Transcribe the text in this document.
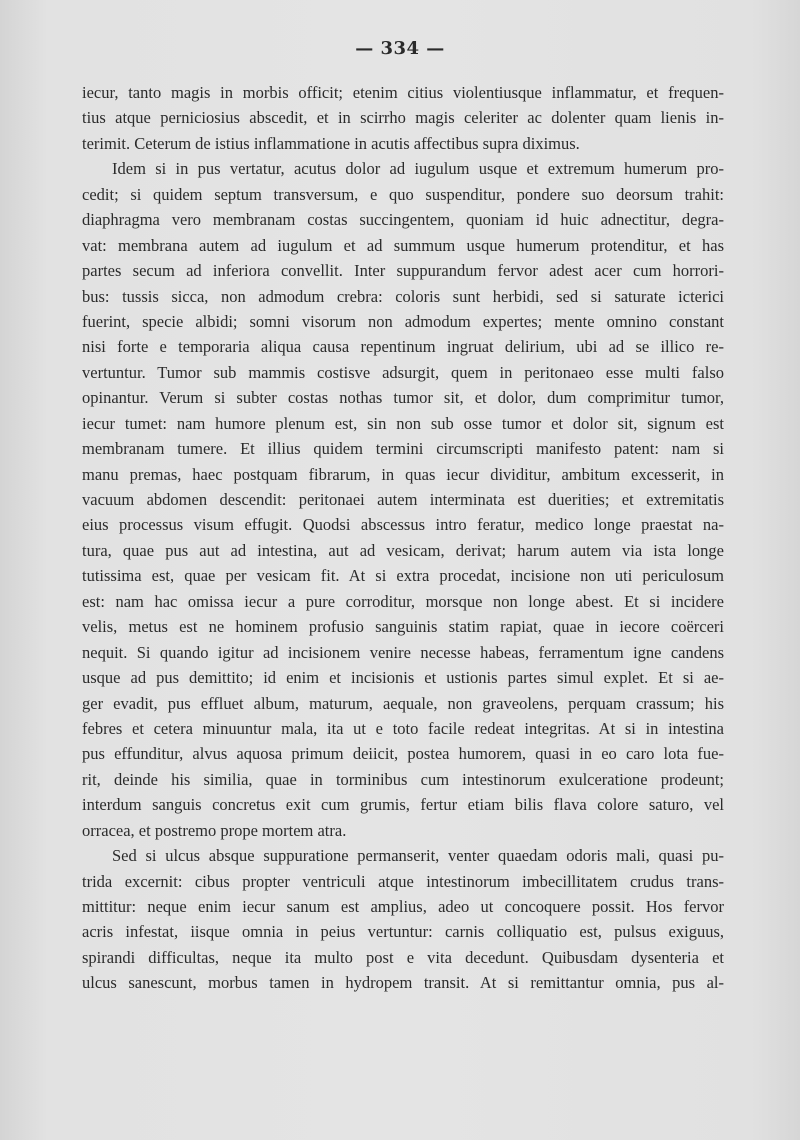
— 334 —
iecur, tanto magis in morbis officit; etenim citius violentiusque inflammatur, et frequen-
tius atque perniciosius abscedit, et in scirrho magis celeriter ac dolenter quam lienis in-
terimit. Ceterum de istius inflammatione in acutis affectibus supra diximus.
Idem si in pus vertatur, acutus dolor ad iugulum usque et extremum humerum pro-
cedit; si quidem septum transversum, e quo suspenditur, pondere suo deorsum trahit:
diaphragma vero membranam costas succingentem, quoniam id huic adnectitur, degra-
vat: membrana autem ad iugulum et ad summum usque humerum protenditur, et has
partes secum ad inferiora convellit. Inter suppurandum fervor adest acer cum horrori-
bus: tussis sicca, non admodum crebra: coloris sunt herbidi, sed si saturate icterici
fuerint, specie albidi; somni visorum non admodum expertes; mente omnino constant
nisi forte e temporaria aliqua causa repentinum ingruat delirium, ubi ad se illico re-
vertuntur. Tumor sub mammis costisve adsurgit, quem in peritonaeo esse multi falso
opinantur. Verum si subter costas nothas tumor sit, et dolor, dum comprimitur tumor,
iecur tumet: nam humore plenum est, sin non sub osse tumor et dolor sit, signum est
membranam tumere. Et illius quidem termini circumscripti manifesto patent: nam si
manu premas, haec postquam fibrarum, in quas iecur dividitur, ambitum excesserit, in
vacuum abdomen descendit: peritonaei autem interminata est duerities; et extremitatis
eius processus visum effugit. Quodsi abscessus intro feratur, medico longe praestat na-
tura, quae pus aut ad intestina, aut ad vesicam, derivat; harum autem via ista longe
tutissima est, quae per vesicam fit. At si extra procedat, incisione non uti periculosum
est: nam hac omissa iecur a pure corroditur, morsque non longe abest. Et si incidere
velis, metus est ne hominem profusio sanguinis statim rapiat, quae in iecore coërceri
nequit. Si quando igitur ad incisionem venire necesse habeas, ferramentum igne candens
usque ad pus demittito; id enim et incisionis et ustionis partes simul explet. Et si ae-
ger evadit, pus effluet album, maturum, aequale, non graveolens, perquam crassum; his
febres et cetera minuuntur mala, ita ut e toto facile redeat integritas. At si in intestina
pus effunditur, alvus aquosa primum deiicit, postea humorem, quasi in eo caro lota fue-
rit, deinde his similia, quae in torminibus cum intestinorum exulceratione prodeunt;
interdum sanguis concretus exit cum grumis, fertur etiam bilis flava colore saturo, vel
orracea, et postremo prope mortem atra.
Sed si ulcus absque suppuratione permanserit, venter quaedam odoris mali, quasi pu-
trida excernit: cibus propter ventriculi atque intestinorum imbecillitatem crudus trans-
mittitur: neque enim iecur sanum est amplius, adeo ut concoquere possit. Hos fervor
acris infestat, iisque omnia in peius vertuntur: carnis colliquatio est, pulsus exiguus,
spirandi difficultas, neque ita multo post e vita decedunt. Quibusdam dysenteria et
ulcus sanescunt, morbus tamen in hydropem transit. At si remittantur omnia, pus al-
